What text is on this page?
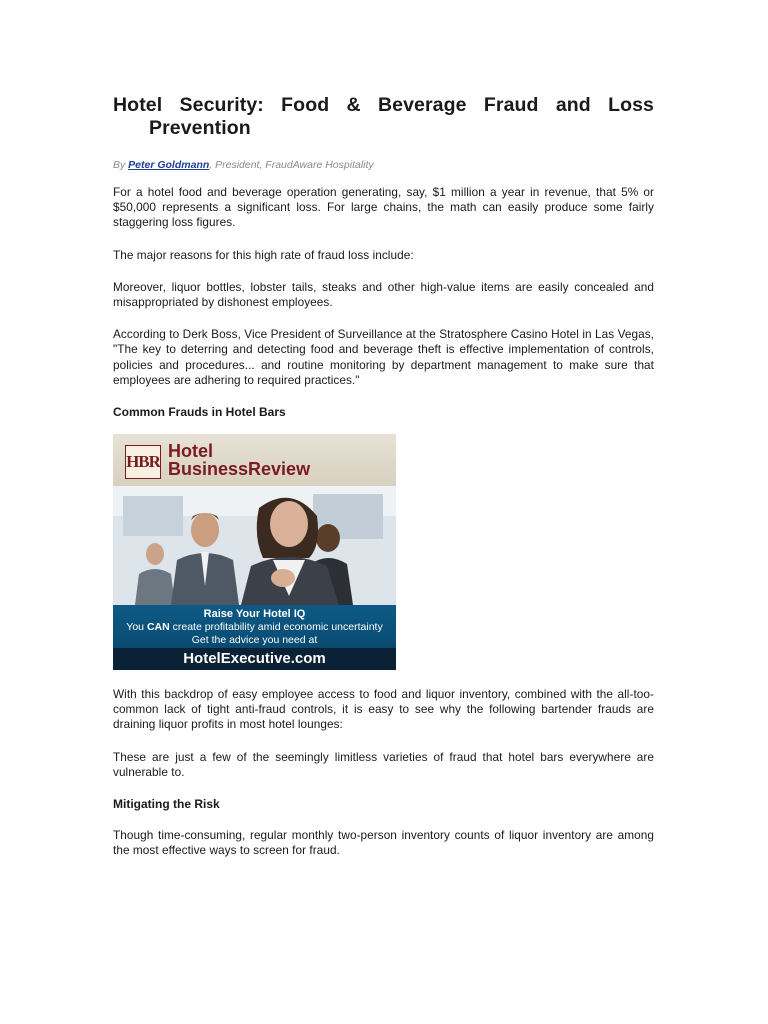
Hotel Security: Food & Beverage Fraud and Loss
Prevention
By Peter Goldmann, President, FraudAware Hospitality

For a hotel food and beverage operation generating, say, $1 million a year in revenue, that 5% or $50,000 represents a significant loss. For large chains, the math can easily produce some fairly staggering loss figures.

The major reasons for this high rate of fraud loss include:

Moreover, liquor bottles, lobster tails, steaks and other high-value items are easily concealed and misappropriated by dishonest employees.

According to Derk Boss, Vice President of Surveillance at the Stratosphere Casino Hotel in Las Vegas, "The key to deterring and detecting food and beverage theft is effective implementation of controls, policies and procedures... and routine monitoring by department management to make sure that employees are adhering to required practices."

Common Frauds in Hotel Bars
HBR
Hotel
BusinessReview
Raise Your Hotel IQ
You CAN create profitability amid economic uncertainty
Get the advice you need at
HotelExecutive.com

With this backdrop of easy employee access to food and liquor inventory, combined with the all-too-common lack of tight anti-fraud controls, it is easy to see why the following bartender frauds are draining liquor profits in most hotel lounges:

These are just a few of the seemingly limitless varieties of fraud that hotel bars everywhere are vulnerable to.

Mitigating the Risk

Though time-consuming, regular monthly two-person inventory counts of liquor inventory are among the most effective ways to screen for fraud.
